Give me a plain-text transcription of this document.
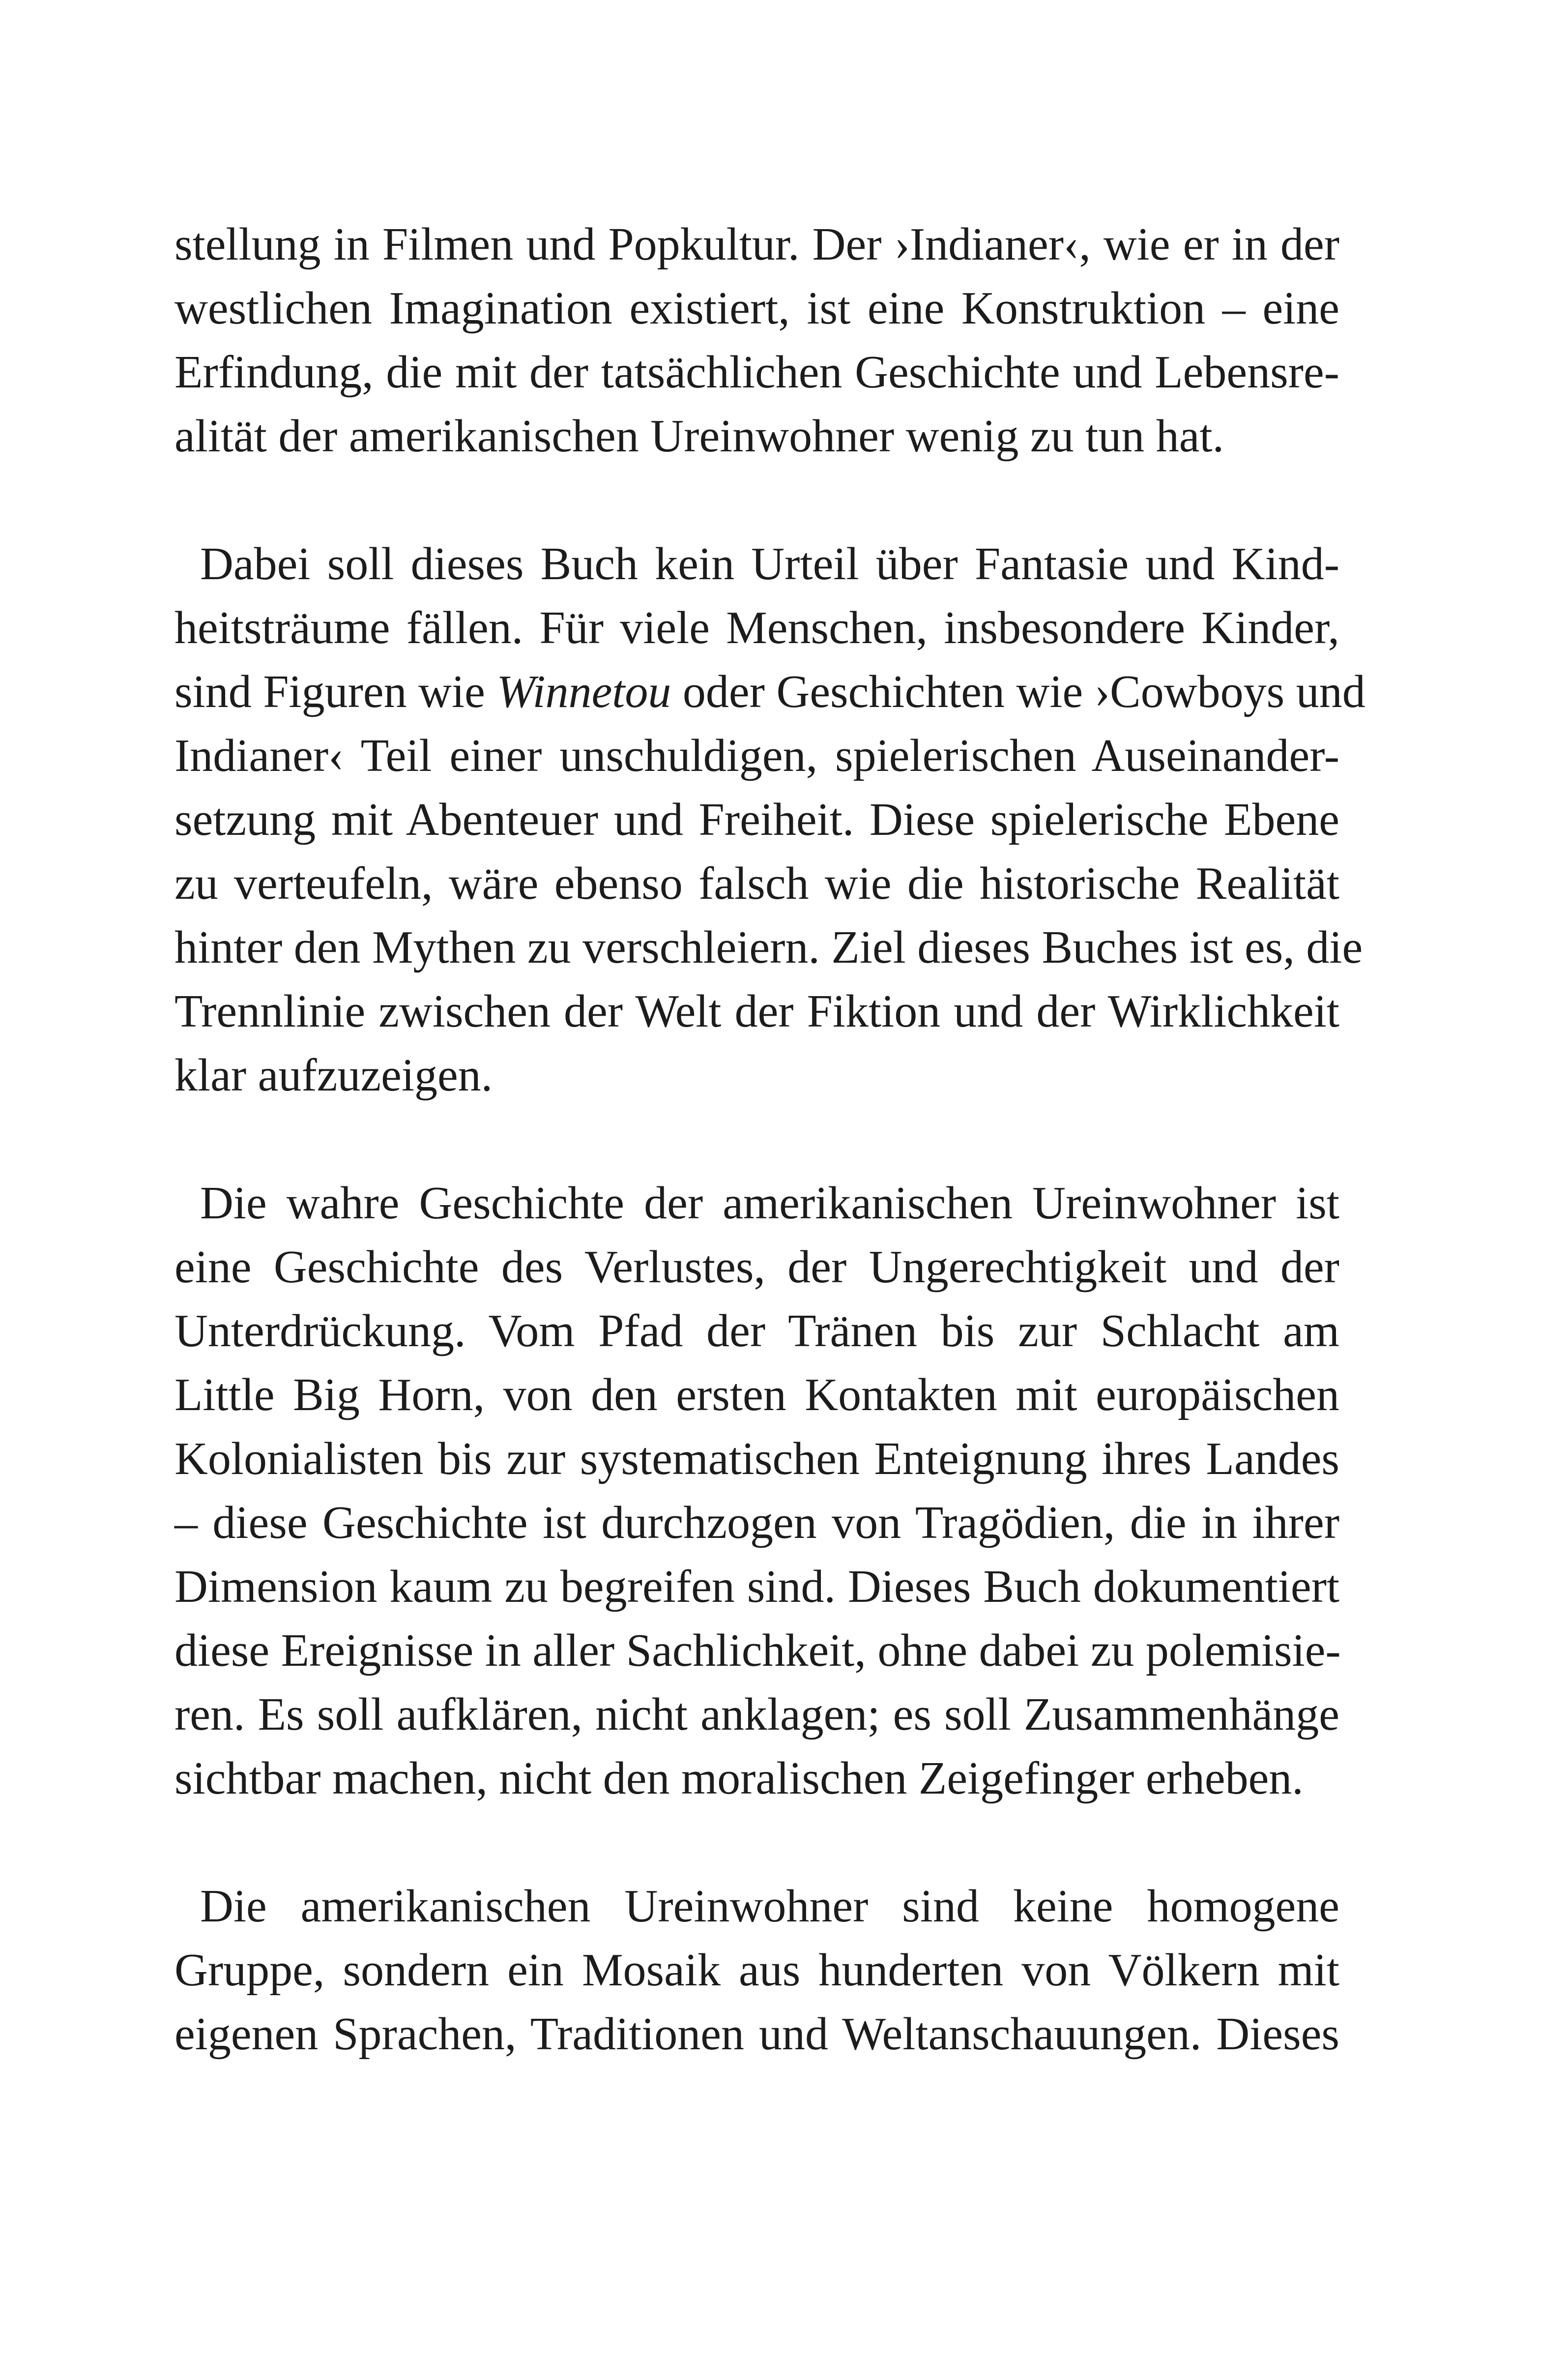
stellung in Filmen und Popkultur. Der ›Indianer‹, wie er in der
westlichen Imagination existiert, ist eine Konstruktion – eine
Erfindung, die mit der tatsächlichen Geschichte und Lebensre-
alität der amerikanischen Ureinwohner wenig zu tun hat.

Dabei soll dieses Buch kein Urteil über Fantasie und Kind-
heitsträume fällen. Für viele Menschen, insbesondere Kinder,
sind Figuren wie Winnetou oder Geschichten wie ›Cowboys und
Indianer‹ Teil einer unschuldigen, spielerischen Auseinander-
setzung mit Abenteuer und Freiheit. Diese spielerische Ebene
zu verteufeln, wäre ebenso falsch wie die historische Realität
hinter den Mythen zu verschleiern. Ziel dieses Buches ist es, die
Trennlinie zwischen der Welt der Fiktion und der Wirklichkeit
klar aufzuzeigen.

Die wahre Geschichte der amerikanischen Ureinwohner ist
eine Geschichte des Verlustes, der Ungerechtigkeit und der
Unterdrückung. Vom Pfad der Tränen bis zur Schlacht am
Little Big Horn, von den ersten Kontakten mit europäischen
Kolonialisten bis zur systematischen Enteignung ihres Landes
– diese Geschichte ist durchzogen von Tragödien, die in ihrer
Dimension kaum zu begreifen sind. Dieses Buch dokumentiert
diese Ereignisse in aller Sachlichkeit, ohne dabei zu polemisie-
ren. Es soll aufklären, nicht anklagen; es soll Zusammenhänge
sichtbar machen, nicht den moralischen Zeigefinger erheben.

Die amerikanischen Ureinwohner sind keine homogene
Gruppe, sondern ein Mosaik aus hunderten von Völkern mit
eigenen Sprachen, Traditionen und Weltanschauungen. Dieses
